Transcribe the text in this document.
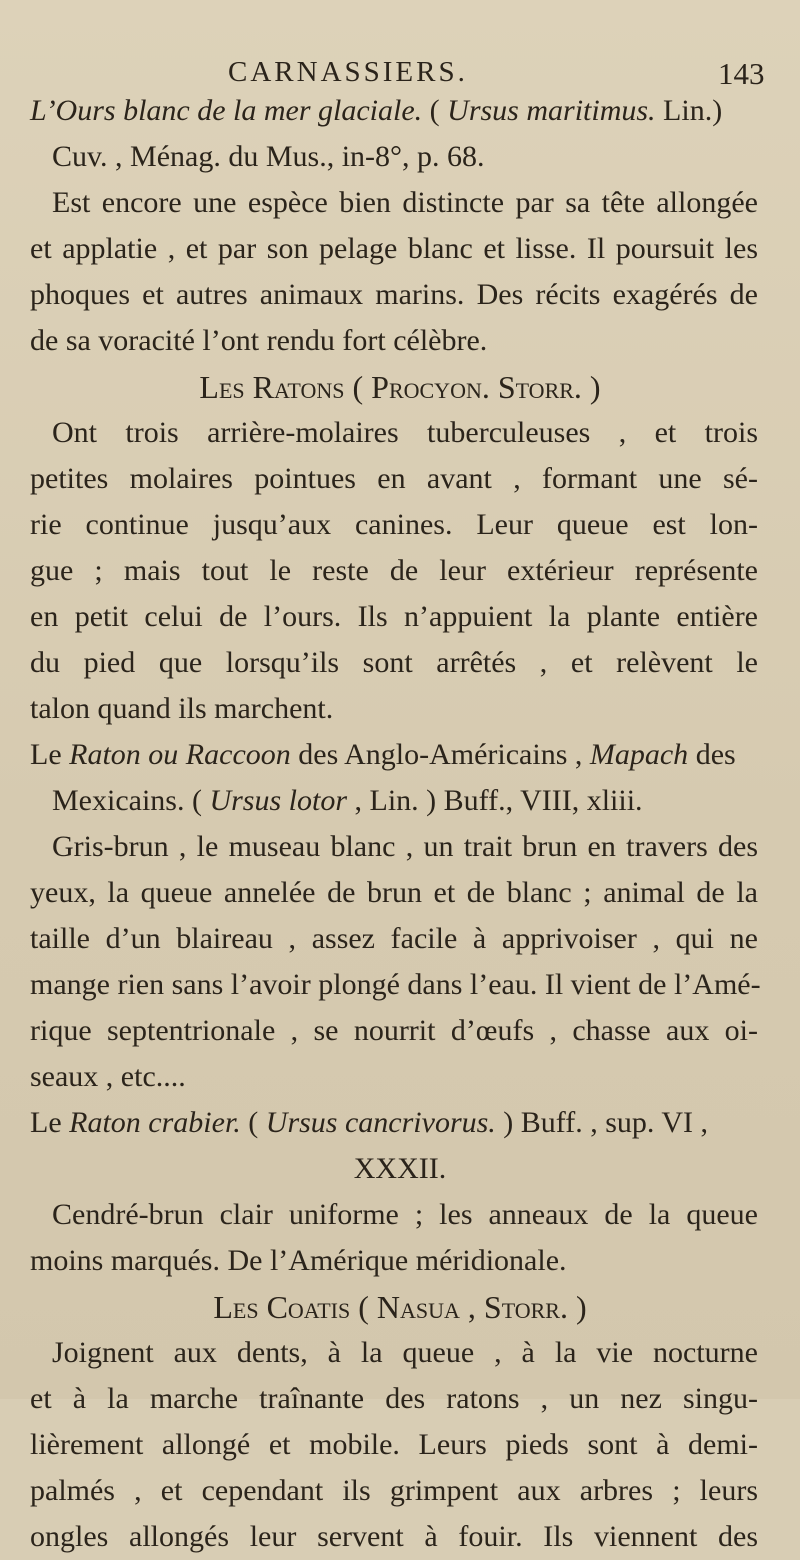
CARNASSIERS.	143

L’Ours blanc de la mer glaciale. ( Ursus maritimus. Lin.)

Cuv. , Ménag. du Mus., in-8°, p. 68.

Est encore une espèce bien distincte par sa tête allongée

et applatie , et par son pelage blanc et lisse. Il poursuit les

phoques et autres animaux marins. Des récits exagérés de

de sa voracité l’ont rendu fort célèbre.

Les Ratons ( Procyon. Storr. )

Ont trois arrière-molaires tuberculeuses , et trois

petites molaires pointues en avant , formant une sé-

rie continue jusqu’aux canines. Leur queue est lon-

gue ; mais tout le reste de leur extérieur représente

en petit celui de l’ours. Ils n’appuient la plante entière

du pied que lorsqu’ils sont arrêtés , et relèvent le

talon quand ils marchent.

Le Raton ou Raccoon des Anglo-Américains , Mapach des

Mexicains. ( Ursus lotor , Lin. ) Buff., VIII, xliii.

Gris-brun , le museau blanc , un trait brun en travers des

yeux, la queue annelée de brun et de blanc ; animal de la

taille d’un blaireau , assez facile à apprivoiser , qui ne

mange rien sans l’avoir plongé dans l’eau. Il vient de l’Amé-

rique septentrionale , se nourrit d’œufs , chasse aux oi-

seaux , etc....

Le Raton crabier. ( Ursus cancrivorus. ) Buff. , sup. VI ,

XXXII.

Cendré-brun clair uniforme ; les anneaux de la queue

moins marqués. De l’Amérique méridionale.

Les Coatis ( Nasua , Storr. )

Joignent aux dents, à la queue , à la vie nocturne

et à la marche traînante des ratons , un nez singu-

lièrement allongé et mobile. Leurs pieds sont à demi-

palmés , et cependant ils grimpent aux arbres ; leurs

ongles allongés leur servent à fouir. Ils viennent des
